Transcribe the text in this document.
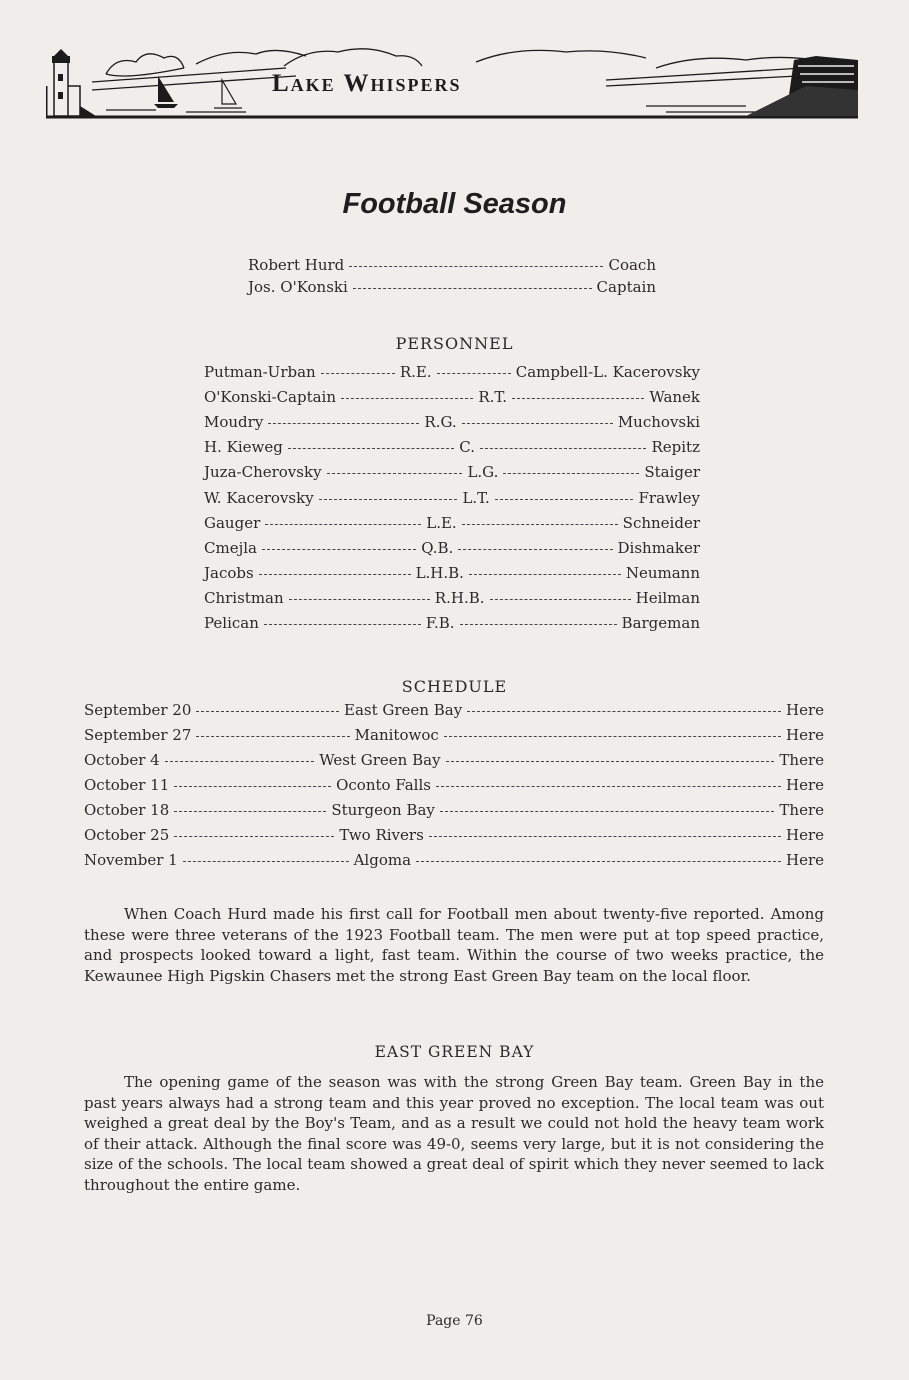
Lake Whispers
Football Season
Robert Hurd	Coach
Jos. O'Konski	Captain
PERSONNEL
Putman-Urban	R.E.	Campbell-L. Kacerovsky
O'Konski-Captain	R.T.	Wanek
Moudry	R.G.	Muchovski
H. Kieweg	C.	Repitz
Juza-Cherovsky	L.G.	Staiger
W. Kacerovsky	L.T.	Frawley
Gauger	L.E.	Schneider
Cmejla	Q.B.	Dishmaker
Jacobs	L.H.B.	Neumann
Christman	R.H.B.	Heilman
Pelican	F.B.	Bargeman
SCHEDULE
September 20	East Green Bay	Here
September 27	Manitowoc	Here
October 4	West Green Bay	There
October 11	Oconto Falls	Here
October 18	Sturgeon Bay	There
October 25	Two Rivers	Here
November 1	Algoma	Here

When Coach Hurd made his first call for Football men about twenty-five reported. Among these were three veterans of the 1923 Football team. The men were put at top speed practice, and prospects looked toward a light, fast team. Within the course of two weeks practice, the Kewaunee High Pigskin Chasers met the strong East Green Bay team on the local floor.

EAST GREEN BAY

The opening game of the season was with the strong Green Bay team. Green Bay in the past years always had a strong team and this year proved no exception. The local team was out weighed a great deal by the Boy's Team, and as a result we could not hold the heavy team work of their attack. Although the final score was 49-0, seems very large, but it is not considering the size of the schools. The local team showed a great deal of spirit which they never seemed to lack throughout the entire game.

Page 76
